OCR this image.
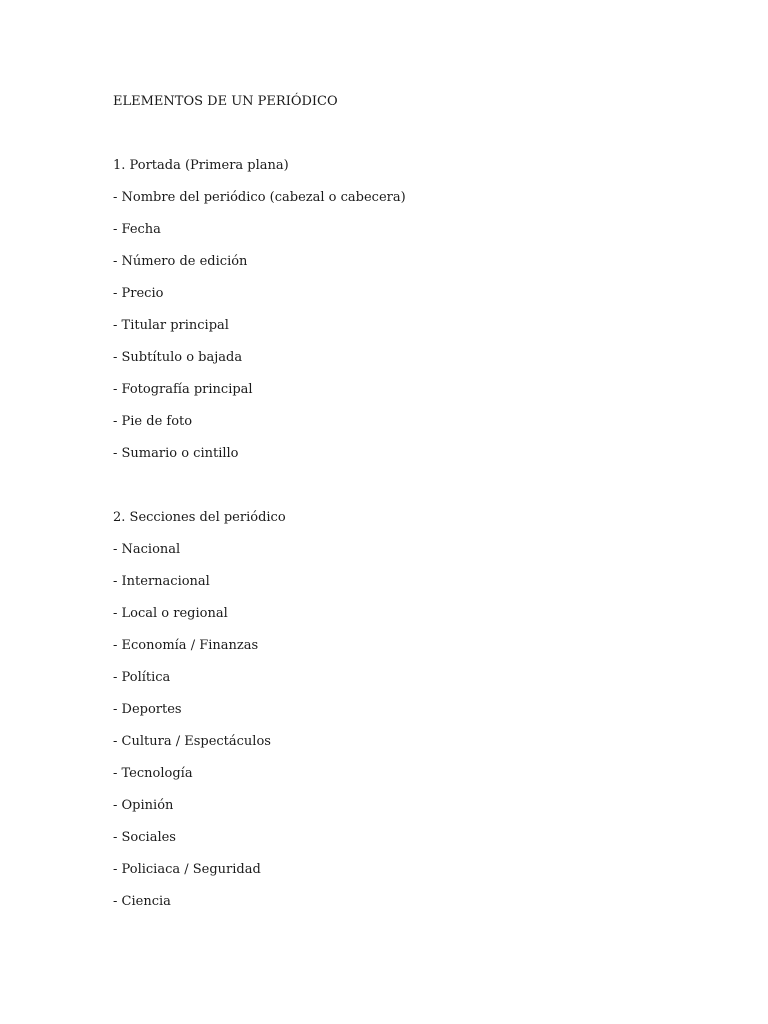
ELEMENTOS DE UN PERIÓDICO

1. Portada (Primera plana)

- Nombre del periódico (cabezal o cabecera)

- Fecha

- Número de edición

- Precio

- Titular principal

- Subtítulo o bajada

- Fotografía principal

- Pie de foto

- Sumario o cintillo

2. Secciones del periódico

- Nacional

- Internacional

- Local o regional

- Economía / Finanzas

- Política

- Deportes

- Cultura / Espectáculos

- Tecnología

- Opinión

- Sociales

- Policiaca / Seguridad

- Ciencia
